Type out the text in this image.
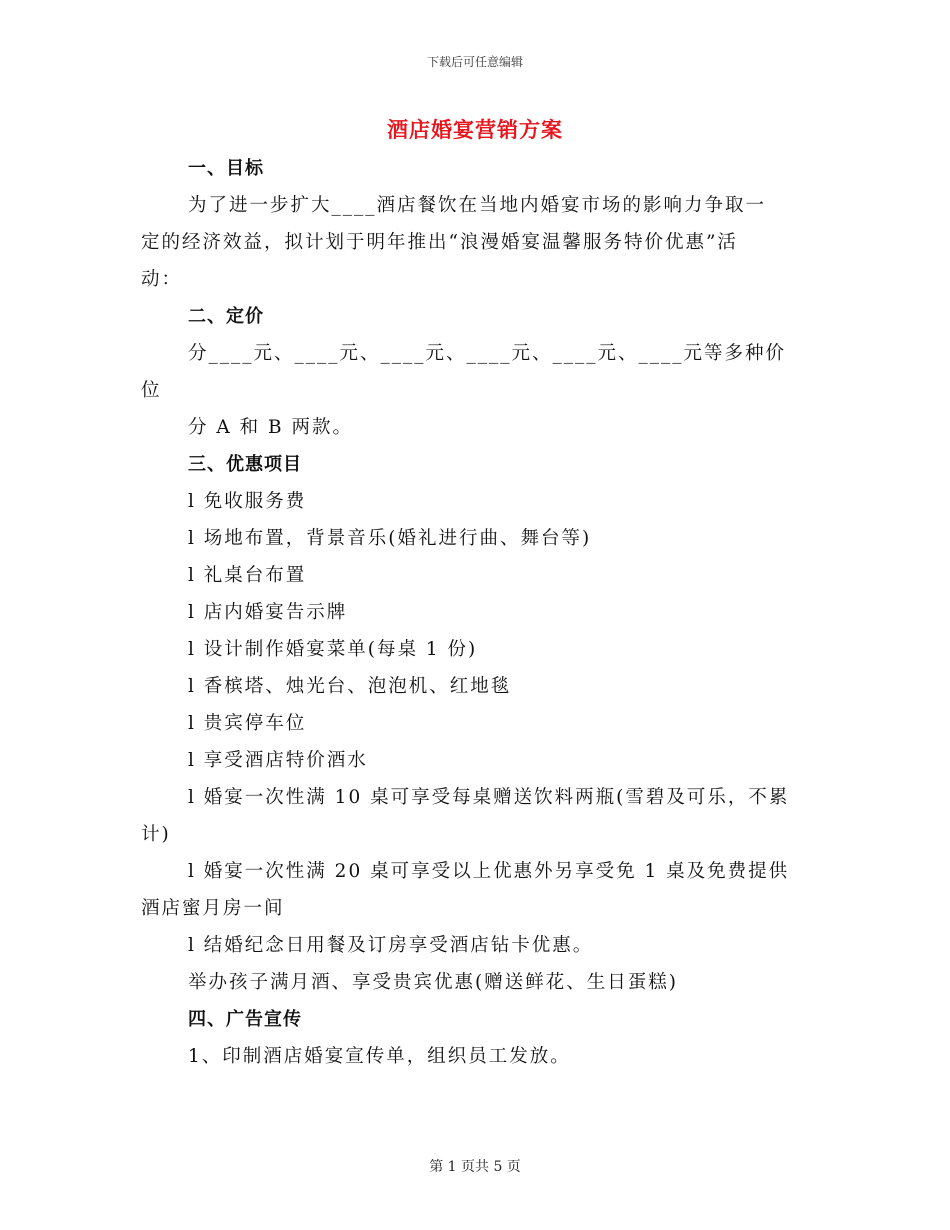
下载后可任意编辑
酒店婚宴营销方案
一、目标
为了进一步扩大____酒店餐饮在当地内婚宴市场的影响力争取一
定的经济效益，拟计划于明年推出“浪漫婚宴温馨服务特价优惠”活
动：
二、定价
分____元、____元、____元、____元、____元、____元等多种价
位
分 A 和 B 两款。
三、优惠项目
l 免收服务费
l 场地布置，背景音乐(婚礼进行曲、舞台等)
l 礼桌台布置
l 店内婚宴告示牌
l 设计制作婚宴菜单(每桌 1 份)
l 香槟塔、烛光台、泡泡机、红地毯
l 贵宾停车位
l 享受酒店特价酒水
l 婚宴一次性满 10 桌可享受每桌赠送饮料两瓶(雪碧及可乐，不累
计)
l 婚宴一次性满 20 桌可享受以上优惠外另享受免 1 桌及免费提供
酒店蜜月房一间
l 结婚纪念日用餐及订房享受酒店钻卡优惠。
举办孩子满月酒、享受贵宾优惠(赠送鲜花、生日蛋糕)
四、广告宣传
1、印制酒店婚宴宣传单，组织员工发放。
第 1 页共 5 页
